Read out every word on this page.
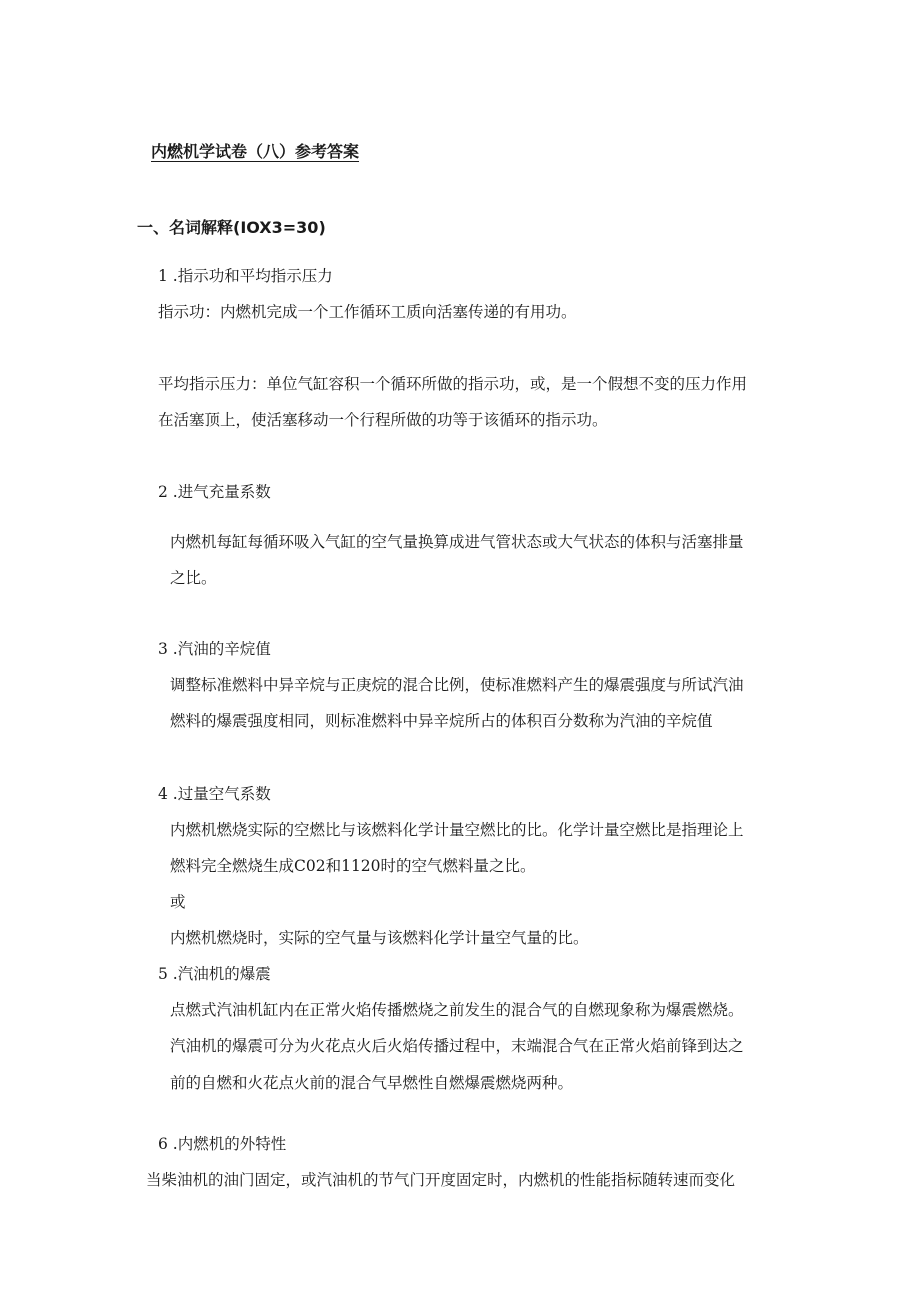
内燃机学试卷（八）参考答案
一、名词解释(IOX3=30)
1 .指示功和平均指示压力
指示功：内燃机完成一个工作循环工质向活塞传递的有用功。
平均指示压力：单位气缸容积一个循环所做的指示功，或，是一个假想不变的压力作用
在活塞顶上，使活塞移动一个行程所做的功等于该循环的指示功。
2 .进气充量系数
内燃机每缸每循环吸入气缸的空气量换算成进气管状态或大气状态的体积与活塞排量
之比。
3 .汽油的辛烷值
调整标准燃料中异辛烷与正庚烷的混合比例，使标准燃料产生的爆震强度与所试汽油
燃料的爆震强度相同，则标准燃料中异辛烷所占的体积百分数称为汽油的辛烷值
4 .过量空气系数
内燃机燃烧实际的空燃比与该燃料化学计量空燃比的比。化学计量空燃比是指理论上
燃料完全燃烧生成C02和1120时的空气燃料量之比。
或
内燃机燃烧时，实际的空气量与该燃料化学计量空气量的比。
5 .汽油机的爆震
点燃式汽油机缸内在正常火焰传播燃烧之前发生的混合气的自燃现象称为爆震燃烧。
汽油机的爆震可分为火花点火后火焰传播过程中，末端混合气在正常火焰前锋到达之
前的自燃和火花点火前的混合气早燃性自燃爆震燃烧两种。
6 .内燃机的外特性
当柴油机的油门固定，或汽油机的节气门开度固定时，内燃机的性能指标随转速而变化
